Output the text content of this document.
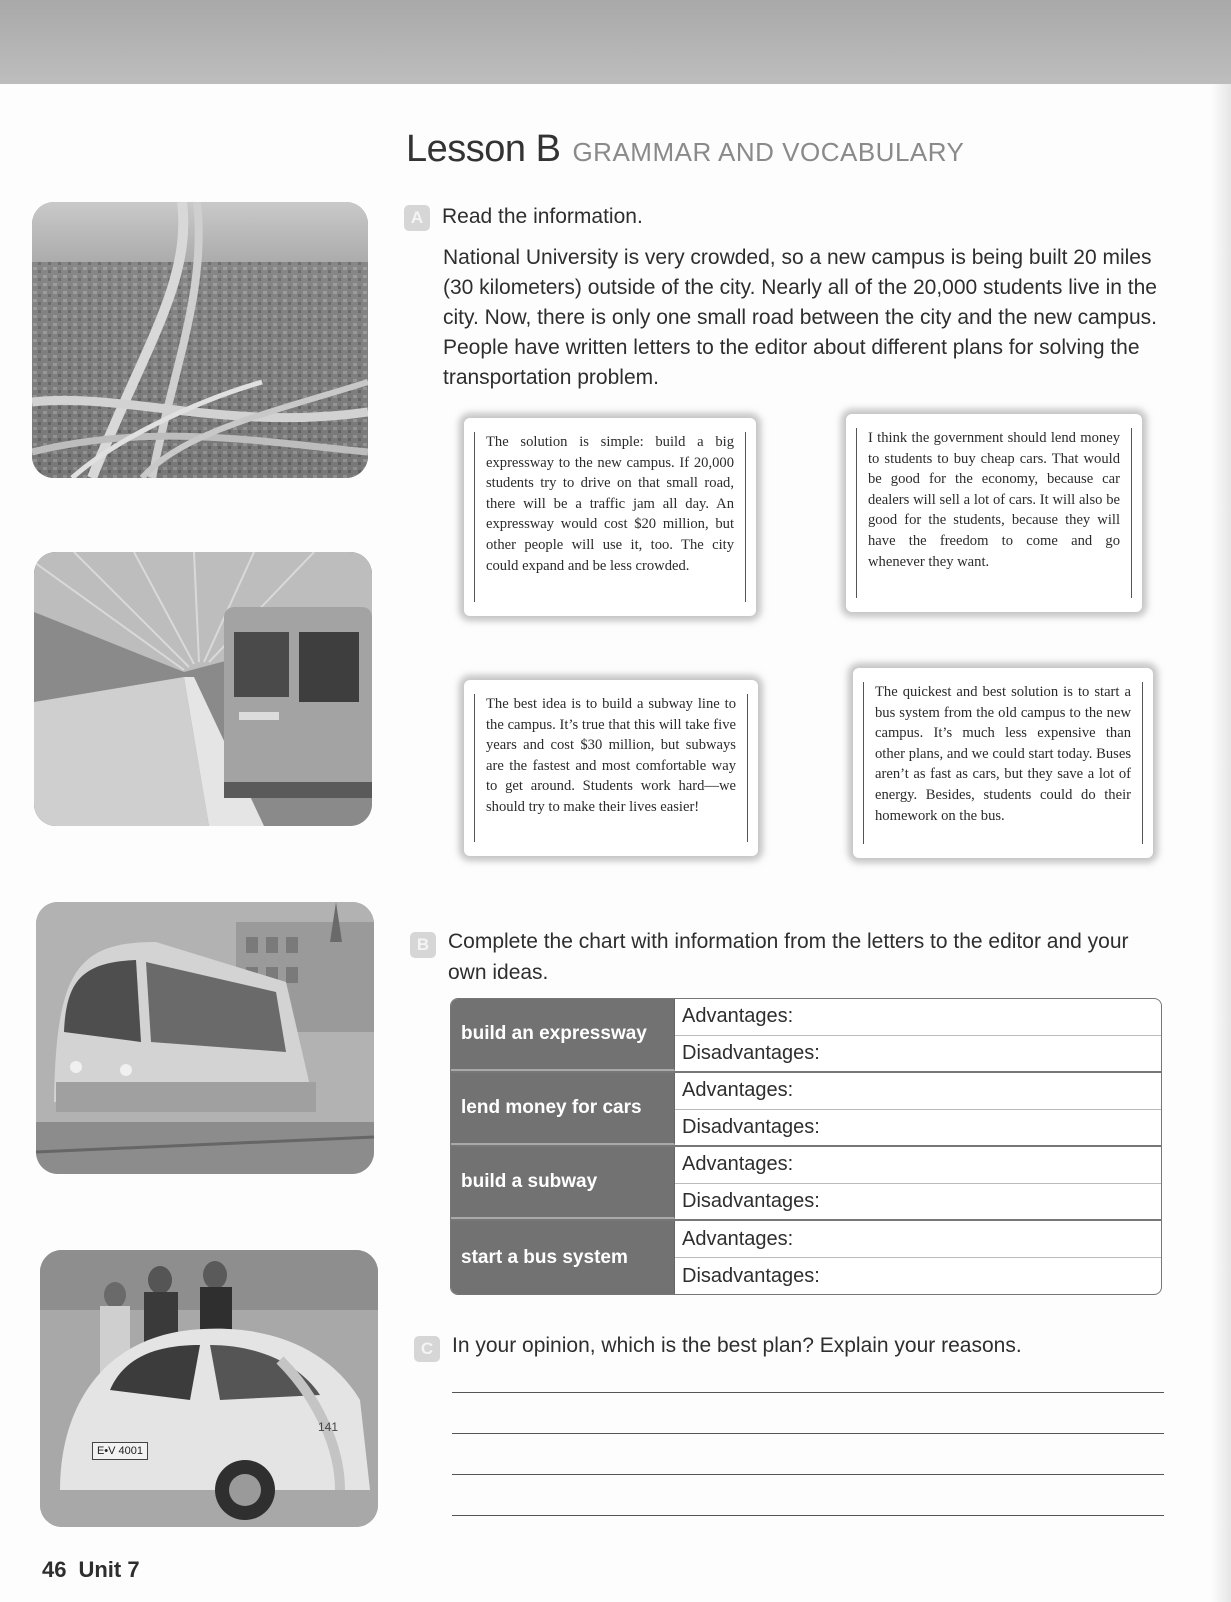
E•V 4001
141
Lesson B GRAMMAR AND VOCABULARY
A Read the information.

National University is very crowded, so a new campus is being built 20 miles (30 kilometers) outside of the city. Nearly all of the 20,000 students live in the city. Now, there is only one small road between the city and the new campus. People have written letters to the editor about different plans for solving the transportation problem.

The solution is simple: build a big expressway to the new campus. If 20,000 students try to drive on that small road, there will be a traffic jam all day. An expressway would cost $20 million, but other people will use it, too. The city could expand and be less crowded.

I think the government should lend money to students to buy cheap cars. That would be good for the economy, because car dealers will sell a lot of cars. It will also be good for the students, because they will have the freedom to come and go whenever they want.

The best idea is to build a subway line to the campus. It’s true that this will take five years and cost $30 million, but subways are the fastest and most comfortable way to get around. Students work hard—we should try to make their lives easier!

The quickest and best solution is to start a bus system from the old campus to the new campus. It’s much less expensive than other plans, and we could start today. Buses aren’t as fast as cars, but they save a lot of energy. Besides, students could do their homework on the bus.

B Complete the chart with information from the letters to the editor and your own ideas.
build an expressway
Advantages:
Disadvantages:
lend money for cars
Advantages:
Disadvantages:
build a subway
Advantages:
Disadvantages:
start a bus system
Advantages:
Disadvantages:
C In your opinion, which is the best plan? Explain your reasons.
46 Unit 7
